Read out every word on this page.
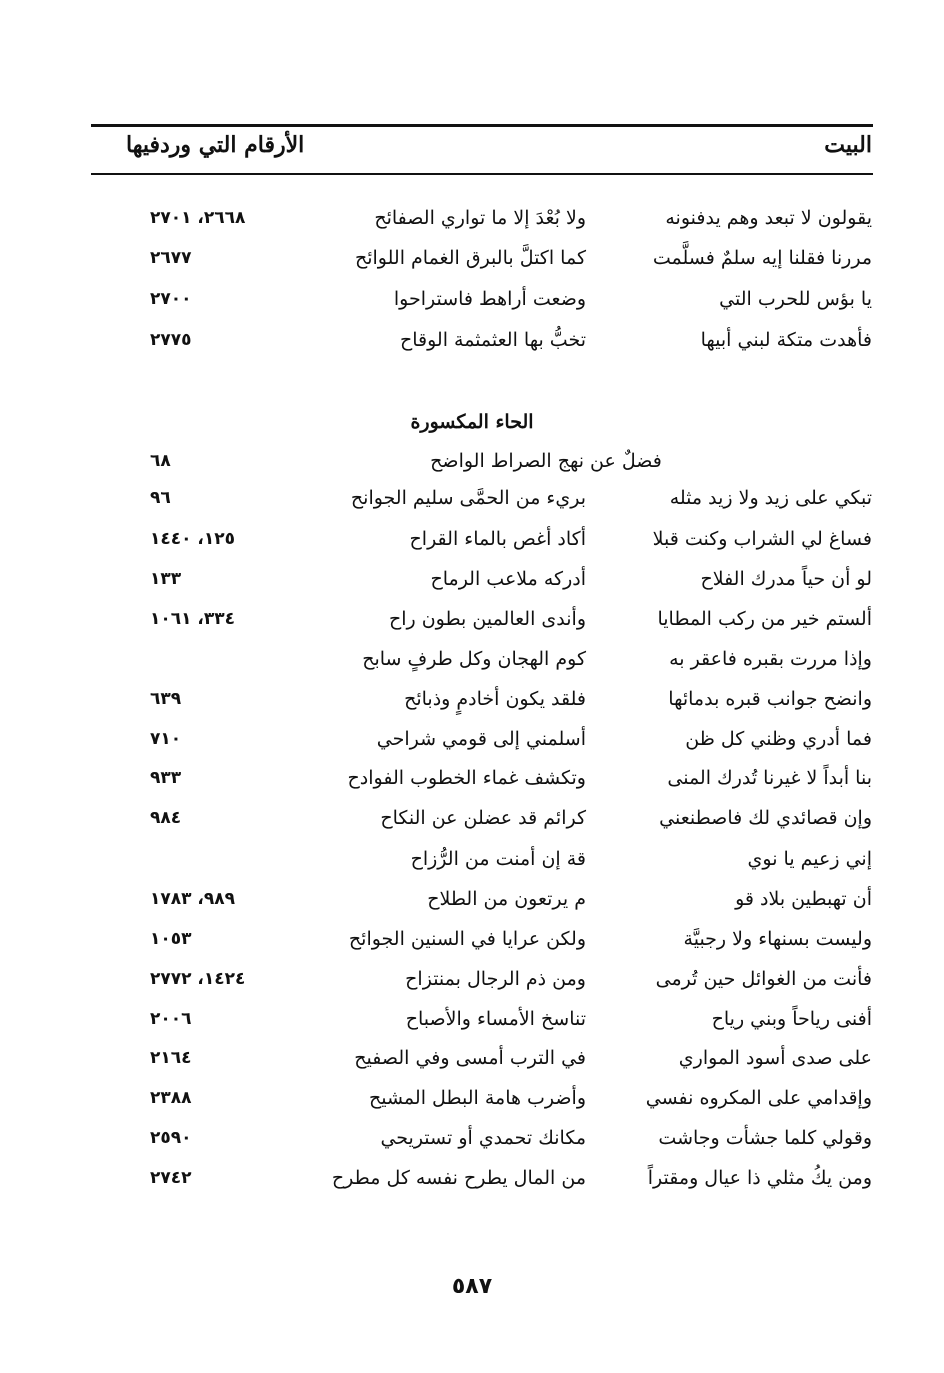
البيت
الأرقام التي وردفيها
يقولون لا تبعد وهم يدفنونه
ولا بُعْدَ إلا ما تواري الصفائح
٢٦٦٨، ٢٧٠١
مررنا فقلنا إيه سلمٌ فسلَّمت
كما اكتلَّ بالبرق الغمام اللوائح
٢٦٧٧
يا بؤس للحرب التي
وضعت أراهط فاستراحوا
٢٧٠٠
فأهدت متكة لبني أبيها
تخبُّ بها العثمثمة الوقاح
٢٧٧٥
الحاء المكسورة
فضلٌ عن نهج الصراط الواضح
٦٨
تبكي على زيد ولا زيد مثله
بريء من الحمَّى سليم الجوانح
٩٦
فساغ لي الشراب وكنت قبلا
أكاد أغص بالماء القراح
١٢٥، ١٤٤٠
لو أن حياً مدرك الفلاح
أدركه ملاعب الرماح
١٣٣
ألستم خير من ركب المطايا
وأندى العالمين بطون راح
٣٣٤، ١٠٦١
وإذا مررت بقبره فاعقر به
كوم الهجان وكل طرفٍ سابح
وانضح جوانب قبره بدمائها
فلقد يكون أخادمٍ وذبائح
٦٣٩
فما أدري وظني كل ظن
أسلمني إلى قومي شراحي
٧١٠
بنا أبداً لا غيرنا تُدرك المنى
وتكشف غماء الخطوب الفوادح
٩٣٣
وإن قصائدي لك فاصطنعني
كرائم قد عضلن عن النكاح
٩٨٤
إني زعيم يا نوي
قة إن أمنت من الرُّزاح
أن تهبطين بلاد قو
م يرتعون من الطلاح
٩٨٩، ١٧٨٣
وليست بسنهاء ولا رجبيَّة
ولكن عرايا في السنين الجوائح
١٠٥٣
فأنت من الغوائل حين تُرمى
ومن ذم الرجال بمنتزاح
١٤٢٤، ٢٧٧٢
أفنى رياحاً وبني رياح
تناسخ الأمساء والأصباح
٢٠٠٦
على صدى أسود المواري
في الترب أمسى وفي الصفيح
٢١٦٤
وإقدامي على المكروه نفسي
وأضرب هامة البطل المشيح
٢٣٨٨
وقولي كلما جشأت وجاشت
مكانك تحمدي أو تستريحي
٢٥٩٠
ومن يكُ مثلي ذا عيال ومقتراً
من المال يطرح نفسه كل مطرح
٢٧٤٢
٥٨٧
